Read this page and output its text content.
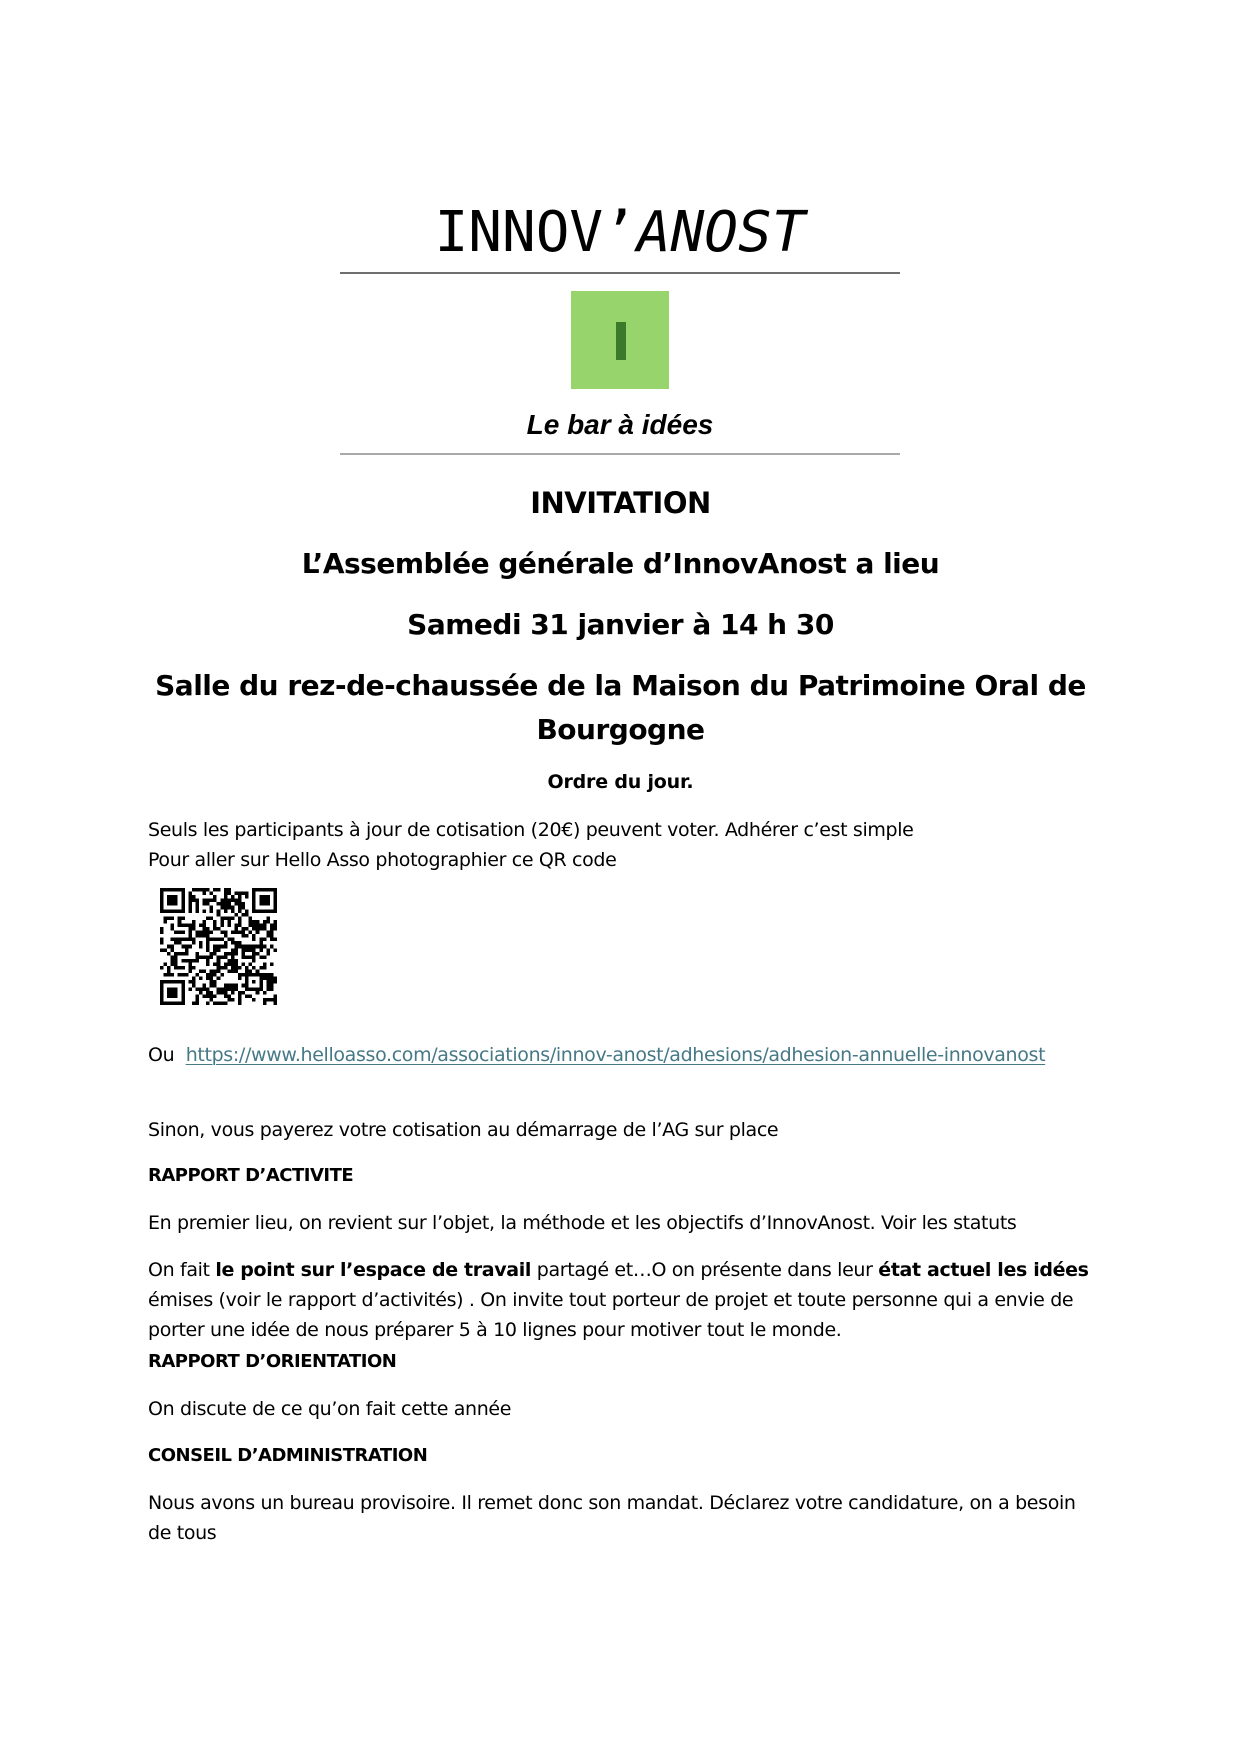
INNOV’ANOST
Le bar à idées
INVITATION
L’Assemblée générale d’InnovAnost a lieu
Samedi 31 janvier à 14 h 30
Salle du rez-de-chaussée de la Maison du Patrimoine Oral de Bourgogne
Ordre du jour.
Seuls les participants à jour de cotisation (20€) peuvent voter. Adhérer c’est simple
Pour aller sur Hello Asso photographier ce QR code
Ou https://www.helloasso.com/associations/innov-anost/adhesions/adhesion-annuelle-innovanost
Sinon, vous payerez votre cotisation au démarrage de l’AG sur place
RAPPORT D’ACTIVITE
En premier lieu, on revient sur l’objet, la méthode et les objectifs d’InnovAnost. Voir les statuts
On fait le point sur l’espace de travail partagé et…O on présente dans leur état actuel les idées émises (voir le rapport d’activités) . On invite tout porteur de projet et toute personne qui a envie de porter une idée de nous préparer 5 à 10 lignes pour motiver tout le monde.
RAPPORT D’ORIENTATION
On discute de ce qu’on fait cette année
CONSEIL D’ADMINISTRATION
Nous avons un bureau provisoire. Il remet donc son mandat. Déclarez votre candidature, on a besoin de tous
